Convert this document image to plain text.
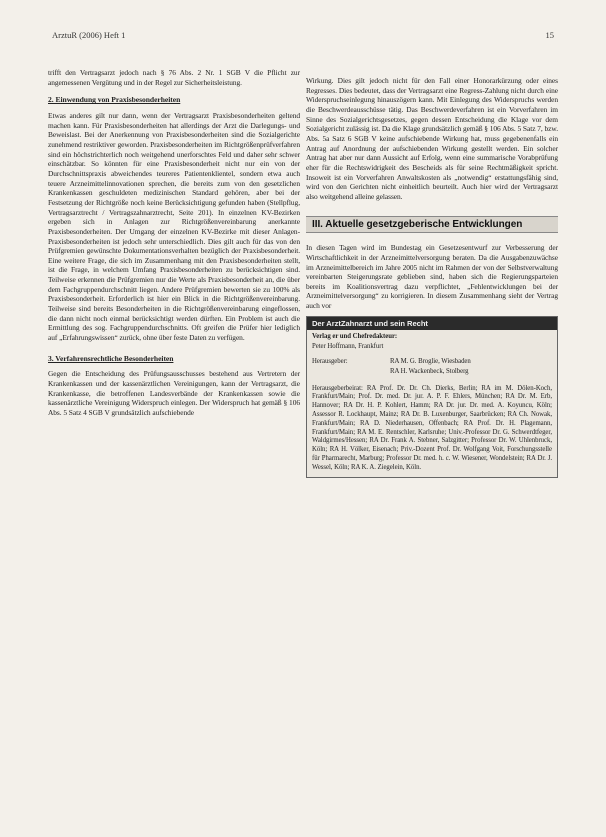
ArztuR (2006) Heft 1	15

trifft den Vertragsarzt jedoch nach § 76 Abs. 2 Nr. 1 SGB V die Pflicht zur angemessenen Vergütung und in der Regel zur Sicherheitsleistung.

2. Einwendung von Praxisbesonderheiten

Etwas anderes gilt nur dann, wenn der Vertragsarzt Praxisbesonderheiten geltend machen kann. Für Praxisbesonderheiten hat allerdings der Arzt die Darlegungs- und Beweislast. Bei der Anerkennung von Praxisbesonderheiten sind die Sozialgerichte zunehmend restriktiver geworden. Praxisbesonderheiten im Richtgrößenprüfverfahren sind ein höchstrichterlich noch weitgehend unerforschtes Feld und daher sehr schwer einschätzbar. So könnten für eine Praxisbesonderheit nicht nur ein von der Durchschnittspraxis abweichendes teureres Patientenklientel, sondern etwa auch teuere Arzneimittelinnovationen sprechen, die bereits zum von den gesetzlichen Krankenkassen geschuldeten medizinischen Standard gehören, aber bei der Festsetzung der Richtgröße noch keine Berücksichtigung gefunden haben (Stellpflug, Vertragsarztrecht / Vertragszahnarztrecht, Seite 201). In einzelnen KV-Bezirken ergeben sich in Anlagen zur Richtgrößenvereinbarung anerkannte Praxisbesonderheiten. Der Umgang der einzelnen KV-Bezirke mit dieser Anlagen-Praxisbesonderheiten ist jedoch sehr unterschiedlich. Dies gilt auch für das von den Prüfgremien gewünschte Dokumentationsverhalten bezüglich der Praxisbesonderheit. Eine weitere Frage, die sich im Zusammenhang mit den Praxisbesonderheiten stellt, ist die Frage, in welchem Umfang Praxisbesonderheiten zu berücksichtigen sind. Teilweise erkennen die Prüfgremien nur die Werte als Praxisbesonderheit an, die über dem Fachgruppendurchschnitt liegen. Andere Prüfgremien bewerten sie zu 100% als Praxisbesonderheit. Erforderlich ist hier ein Blick in die Richtgrößenvereinbarung. Teilweise sind bereits Besonderheiten in die Richtgrößenvereinbarung eingeflossen, die dann nicht noch einmal berücksichtigt werden dürften. Ein Problem ist auch die Ermittlung des sog. Fachgruppendurchschnitts. Oft greifen die Prüfer hier lediglich auf „Erfahrungswissen“ zurück, ohne über feste Daten zu verfügen.

3. Verfahrensrechtliche Besonderheiten

Gegen die Entscheidung des Prüfungsausschusses bestehend aus Vertretern der Krankenkassen und der kassenärztlichen Vereinigungen, kann der Vertragsarzt, die Krankenkasse, die betroffenen Landesverbände der Krankenkassen sowie die kassenärztliche Vereinigung Widerspruch einlegen. Der Widerspruch hat gemäß § 106 Abs. 5 Satz 4 SGB V grundsätzlich aufschiebende

Wirkung. Dies gilt jedoch nicht für den Fall einer Honorarkürzung oder eines Regresses. Dies bedeutet, dass der Vertragsarzt eine Regress-Zahlung nicht durch eine Widerspruchseinlegung hinauszögern kann. Mit Einlegung des Widerspruchs werden die Beschwerdeausschüsse tätig. Das Beschwerdeverfahren ist ein Vorverfahren im Sinne des Sozialgerichtsgesetzes, gegen dessen Entscheidung die Klage vor dem Sozialgericht zulässig ist. Da die Klage grundsätzlich gemäß § 106 Abs. 5 Satz 7, bzw. Abs. 5a Satz 6 SGB V keine aufschiebende Wirkung hat, muss gegebenenfalls ein Antrag auf Anordnung der aufschiebenden Wirkung gestellt werden. Ein solcher Antrag hat aber nur dann Aussicht auf Erfolg, wenn eine summarische Vorabprüfung eher für die Rechtswidrigkeit des Bescheids als für seine Rechtmäßigkeit spricht. Insoweit ist ein Vorverfahren Anwaltskosten als „notwendig“ erstattungsfähig sind, wird von den Gerichten nicht einheitlich beurteilt. Auch hier wird der Vertragsarzt also weitgehend alleine gelassen.

III. Aktuelle gesetzgeberische Entwicklungen

In diesen Tagen wird im Bundestag ein Gesetzesentwurf zur Verbesserung der Wirtschaftlichkeit in der Arzneimittelversorgung beraten. Da die Ausgabenzuwächse im Arzneimittelbereich im Jahre 2005 nicht im Rahmen der von der Selbstverwaltung vereinbarten Steigerungsrate geblieben sind, haben sich die Regierungsparteien bereits im Koalitionsvertrag dazu verpflichtet, „Fehlentwicklungen bei der Arzneimittelversorgung“ zu korrigieren. In diesem Zusammenhang sieht der Vertrag auch vor

Der ArztZahnarzt und sein Recht
Verlag er und Chefredakteur:
Peter Hoffmann, Frankfurt
Herausgeber:	RA M. G. Broglie, Wiesbaden
RA H. Wackenbeck, Stolberg
Herausgeberbeirat: RA Prof. Dr. Dr. Ch. Dierks, Berlin; RA im M. Dölen-Koch, Frankfurt/Main; Prof. Dr. med. Dr. jur. A. P. F. Ehlers, München; RA Dr. M. Erb, Hannover; RA Dr. H. P. Kohlert, Hamm; RA Dr. jur. Dr. med. A. Koyuncu, Köln; Assessor R. Lockhaupt, Mainz; RA Dr. B. Luxenburger, Saarbrücken; RA Ch. Nowak, Frankfurt/Main; RA D. Niederhausen, Offenbach; RA Prof. Dr. H. Plagemann, Frankfurt/Main; RA M. E. Rentschler, Karlsruhe; Univ.-Professor Dr. G. Schwerdtfeger, Waldgirmes/Hessen; RA Dr. Frank A. Stebner, Salzgitter; Professor Dr. W. Uhlenbruck, Köln; RA H. Völker, Eisenach; Priv.-Dozent Prof. Dr. Wolfgang Voit, Forschungsstelle für Pharmarecht, Marburg; Professor Dr. med. h. c. W. Wiesener, Wondelstein; RA Dr. J. Wessel, Köln; RA K. A. Ziegelein, Köln.
